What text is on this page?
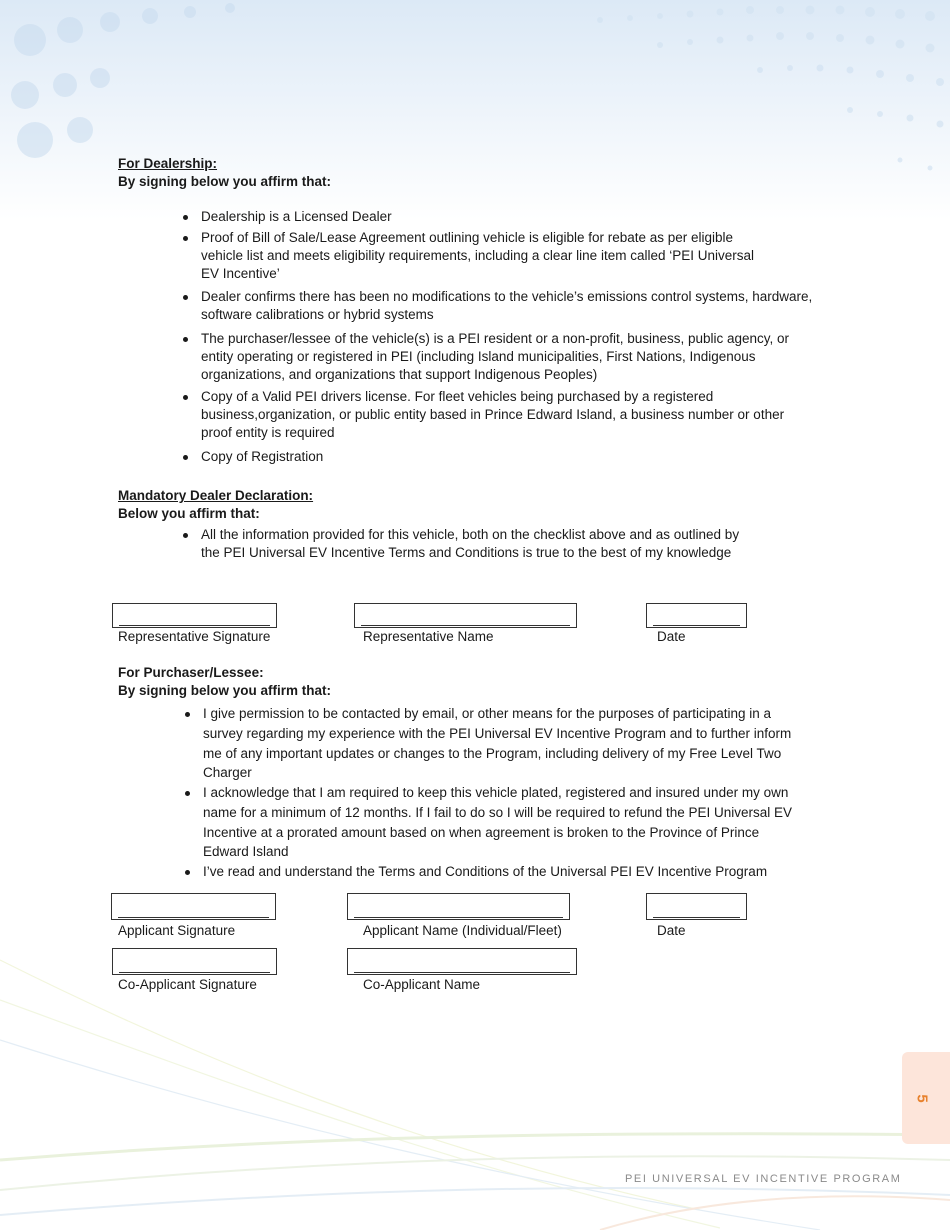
For Dealership:

By signing below you affirm that:

Dealership is a Licensed Dealer
Proof of Bill of Sale/Lease Agreement outlining vehicle is eligible for rebate as per eligible vehicle list and meets eligibility requirements, including a clear line item called ‘PEI Universal EV Incentive’
Dealer confirms there has been no modifications to the vehicle’s emissions control systems, hardware, software calibrations or hybrid systems
The purchaser/lessee of the vehicle(s) is a PEI resident or a non-profit, business, public agency, or entity operating or registered in PEI (including Island municipalities, First Nations, Indigenous organizations, and organizations that support Indigenous Peoples)
Copy of a Valid PEI drivers license. For fleet vehicles being purchased by a registered business,organization, or public entity based in Prince Edward Island, a business number or other proof entity is required
Copy of Registration

Mandatory Dealer Declaration:

Below you affirm that:

All the information provided for this vehicle, both on the checklist above and as outlined by the PEI Universal EV Incentive Terms and Conditions is true to the best of my knowledge

Representative Signature	Representative Name	Date

For Purchaser/Lessee:

By signing below you affirm that:

I give permission to be contacted by email, or other means for the purposes of participating in a survey regarding my experience with the PEI Universal EV Incentive Program and to further inform me of any important updates or changes to the Program, including delivery of my Free Level Two Charger
I acknowledge that I am required to keep this vehicle plated, registered and insured under my own name for a minimum of 12 months. If I fail to do so I will be required to refund the PEI Universal EV Incentive at a prorated amount based on when agreement is broken to the Province of Prince Edward Island
I’ve read and understand the Terms and Conditions of the Universal PEI EV Incentive Program

Applicant Signature	Applicant Name (Individual/Fleet)	Date

Co-Applicant Signature	Co-Applicant Name

5
PEI UNIVERSAL EV INCENTIVE PROGRAM
